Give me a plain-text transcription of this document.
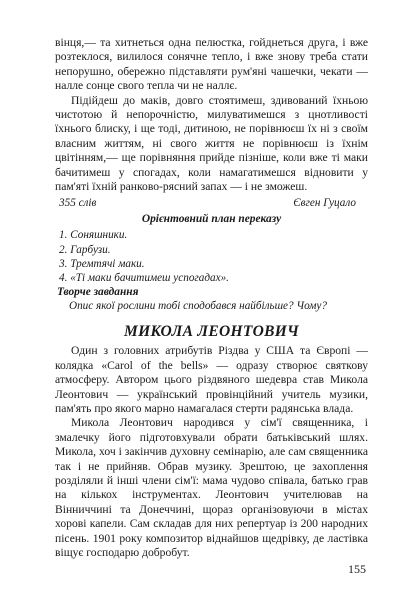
вінця,— та хитнеться одна пелюстка, гойднеться друга, і вже розтеклося, вилилося сонячне тепло, і вже знову треба стати непорушно, обережно підставляти рум'яні чашечки, чекати — налле сонце свого тепла чи не наллє.

Підійдеш до маків, довго стоятимеш, здивований їхньою чистотою й непорочністю, милуватимешся з цнотливості їхнього блиску, і ще тоді, дитиною, не порівнюєш їх ні з своїм власним життям, ні свого життя не порівнюєш із їхнім цвітінням,— ще порівняння прийде пізніше, коли вже ті маки бачитимеш у спогадах, коли намагатимешся відновити у пам'яті їхній ранково-рясний запах — і не зможеш.

355 слів	Євген Гуцало
Орієнтовний план переказу
1. Соняшники.
2. Гарбузи.
3. Тремтячі маки.
4. «Ті маки бачитимеш успогадах».
Творче завдання
Опис якої рослини тобі сподобався найбільше? Чому?
МИКОЛА ЛЕОНТОВИЧ

Один з головних атрибутів Різдва у США та Європі — колядка «Carol of the bells» — одразу створює святкову атмосферу. Автором цього різдвяного шедевра став Микола Леонтович — український провінційний учитель музики, пам'ять про якого марно намагалася стерти радянська влада.

Микола Леонтович народився у сім'ї священника, і змалечку його підготовхували обрати батьківський шлях. Микола, хоч і закінчив духовну семінарію, але сам священника так і не прийняв. Обрав музику. Зрештою, це захоплення розділяли й інші члени сім'ї: мама чудово співала, батько грав на кількох інструментах. Леонтович учителював на Вінниччині та Донеччині, щораз організовуючи в містах хорові капели. Сам складав для них репертуар із 200 народних пісень. 1901 року композитор віднайшов щедрівку, де ластівка віщує господарю добробут.

155
